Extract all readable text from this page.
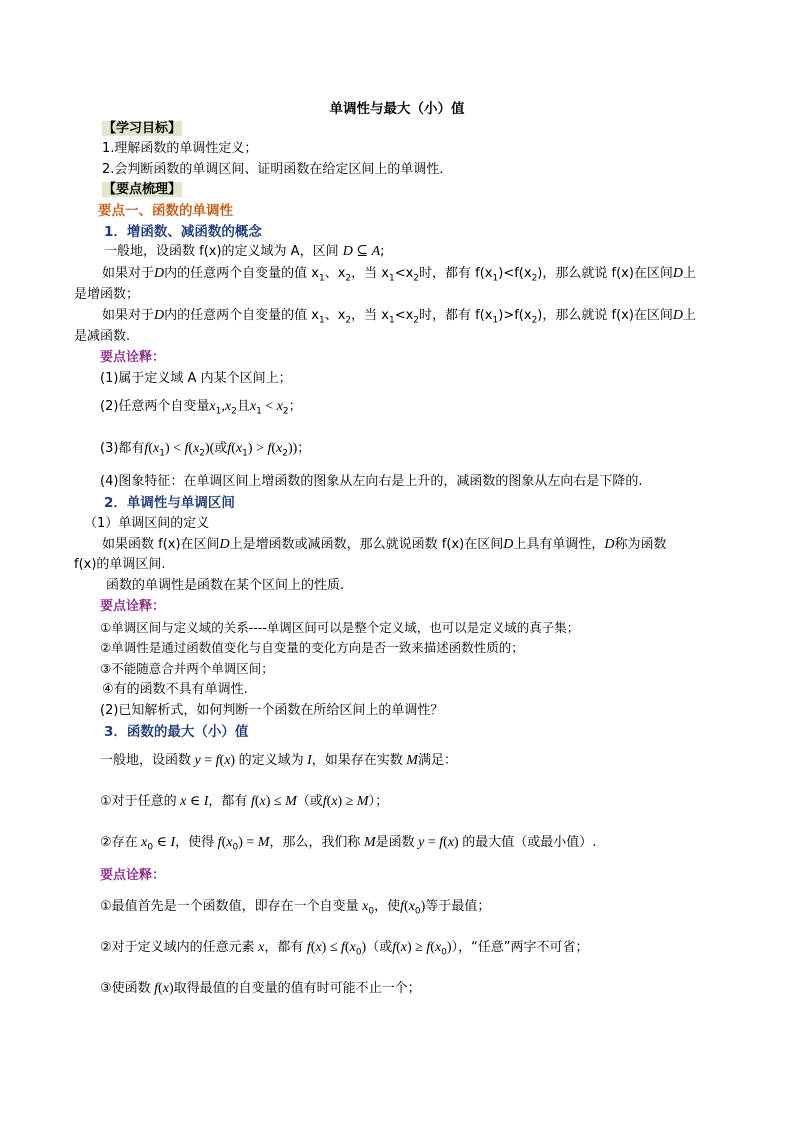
单调性与最大（小）值
【学习目标】
1.理解函数的单调性定义；
2.会判断函数的单调区间、证明函数在给定区间上的单调性．
【要点梳理】
要点一、函数的单调性
1．增函数、减函数的概念
一般地，设函数 f(x)的定义域为 A，区间 D ⊆ A;
如果对于D内的任意两个自变量的值 $x_1$、$x_2$，当 $x_1<x_2$时，都有 $f(x_1)<f(x_2)$，那么就说 f(x)在区间D上
是增函数；
如果对于D内的任意两个自变量的值 $x_1$、$x_2$，当 $x_1<x_2$时，都有 $f(x_1)>f(x_2)$，那么就说 f(x)在区间D上
是减函数.
要点诠释：
(1)属于定义域 A 内某个区间上；
(2)任意两个自变量$x_1,x_2$且$x_1 < x_2$；
(3)都有$f(x_1) < f(x_2)$(或$f(x_1) > f(x_2)$)；
(4)图象特征：在单调区间上增函数的图象从左向右是上升的，减函数的图象从左向右是下降的.
2．单调性与单调区间
（1）单调区间的定义
如果函数 f(x)在区间D上是增函数或减函数，那么就说函数 f(x)在区间D上具有单调性，D称为函数
f(x)的单调区间.
函数的单调性是函数在某个区间上的性质.
要点诠释：
①单调区间与定义域的关系----单调区间可以是整个定义域，也可以是定义域的真子集；
②单调性是通过函数值变化与自变量的变化方向是否一致来描述函数性质的；
③不能随意合并两个单调区间；
④有的函数不具有单调性.
(2)已知解析式，如何判断一个函数在所给区间上的单调性？
3．函数的最大（小）值
一般地，设函数 y = f(x) 的定义域为 I，如果存在实数 M满足：
①对于任意的 x ∈ I，都有 f(x) ≤ M（或f(x) ≥ M）；
②存在 $x_0$ ∈ I，使得 $f(x_0) = M$，那么，我们称 M是函数 y = f(x) 的最大值（或最小值）.
要点诠释：
①最值首先是一个函数值，即存在一个自变量 $x_0$，使$f(x_0)$等于最值；
②对于定义域内的任意元素 x，都有 $f(x) \le f(x_0)$（或$f(x) \ge f(x_0)$），“任意”两字不可省；
③使函数 f(x)取得最值的自变量的值有时可能不止一个；
